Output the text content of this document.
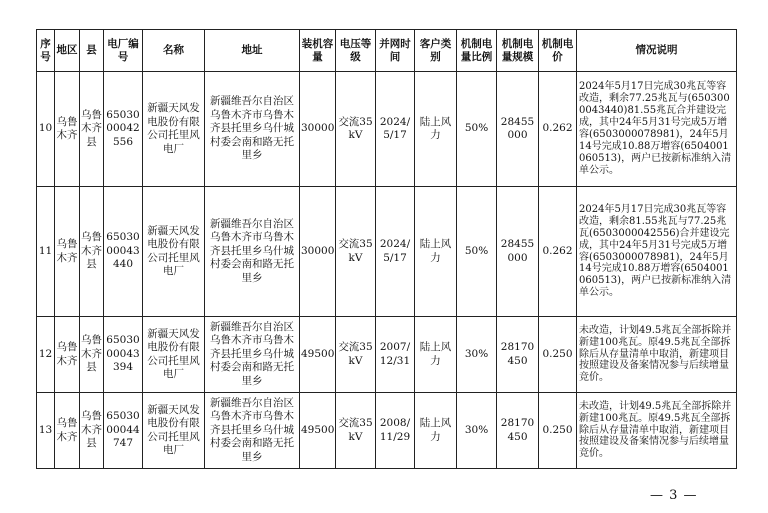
序号	地区	县	电厂编号	名称	地址	装机容量	电压等级	并网时间	客户类别	机制电量比例	机制电量规模	机制电价	情况说明
10	乌鲁木齐	乌鲁木齐县	6503000042556	新疆天风发电股份有限公司托里风电厂	新疆维吾尔自治区乌鲁木齐市乌鲁木齐县托里乡乌什城村委会南和路无托里乡	30000	交流35kV	2024/5/17	陆上风力	50%	28455000	0.262	2024年5月17日完成30兆瓦等容改造，剩余77.25兆瓦与(6503000043440)81.55兆瓦合并建设完成，其中24年5月31号完成5万增容(6503000078981)，24年5月14号完成10.88万增容(6504001060513)，两户已按新标准纳入清单公示。
11	乌鲁木齐	乌鲁木齐县	6503000043440	新疆天风发电股份有限公司托里风电厂	新疆维吾尔自治区乌鲁木齐市乌鲁木齐县托里乡乌什城村委会南和路无托里乡	30000	交流35kV	2024/5/17	陆上风力	50%	28455000	0.262	2024年5月17日完成30兆瓦等容改造，剩余81.55兆瓦与77.25兆瓦(6503000042556)合并建设完成，其中24年5月31号完成5万增容(6503000078981)，24年5月14号完成10.88万增容(6504001060513)，两户已按新标准纳入清单公示。
12	乌鲁木齐	乌鲁木齐县	6503000043394	新疆天风发电股份有限公司托里风电厂	新疆维吾尔自治区乌鲁木齐市乌鲁木齐县托里乡乌什城村委会南和路无托里乡	49500	交流35kV	2007/12/31	陆上风力	30%	28170450	0.250	未改造，计划49.5兆瓦全部拆除并新建100兆瓦。原49.5兆瓦全部拆除后从存量清单中取消，新建项目按照建设及备案情况参与后续增量竞价。
13	乌鲁木齐	乌鲁木齐县	6503000044747	新疆天风发电股份有限公司托里风电厂	新疆维吾尔自治区乌鲁木齐市乌鲁木齐县托里乡乌什城村委会南和路无托里乡	49500	交流35kV	2008/11/29	陆上风力	30%	28170450	0.250	未改造，计划49.5兆瓦全部拆除并新建100兆瓦。原49.5兆瓦全部拆除后从存量清单中取消，新建项目按照建设及备案情况参与后续增量竞价。
— 3 —
